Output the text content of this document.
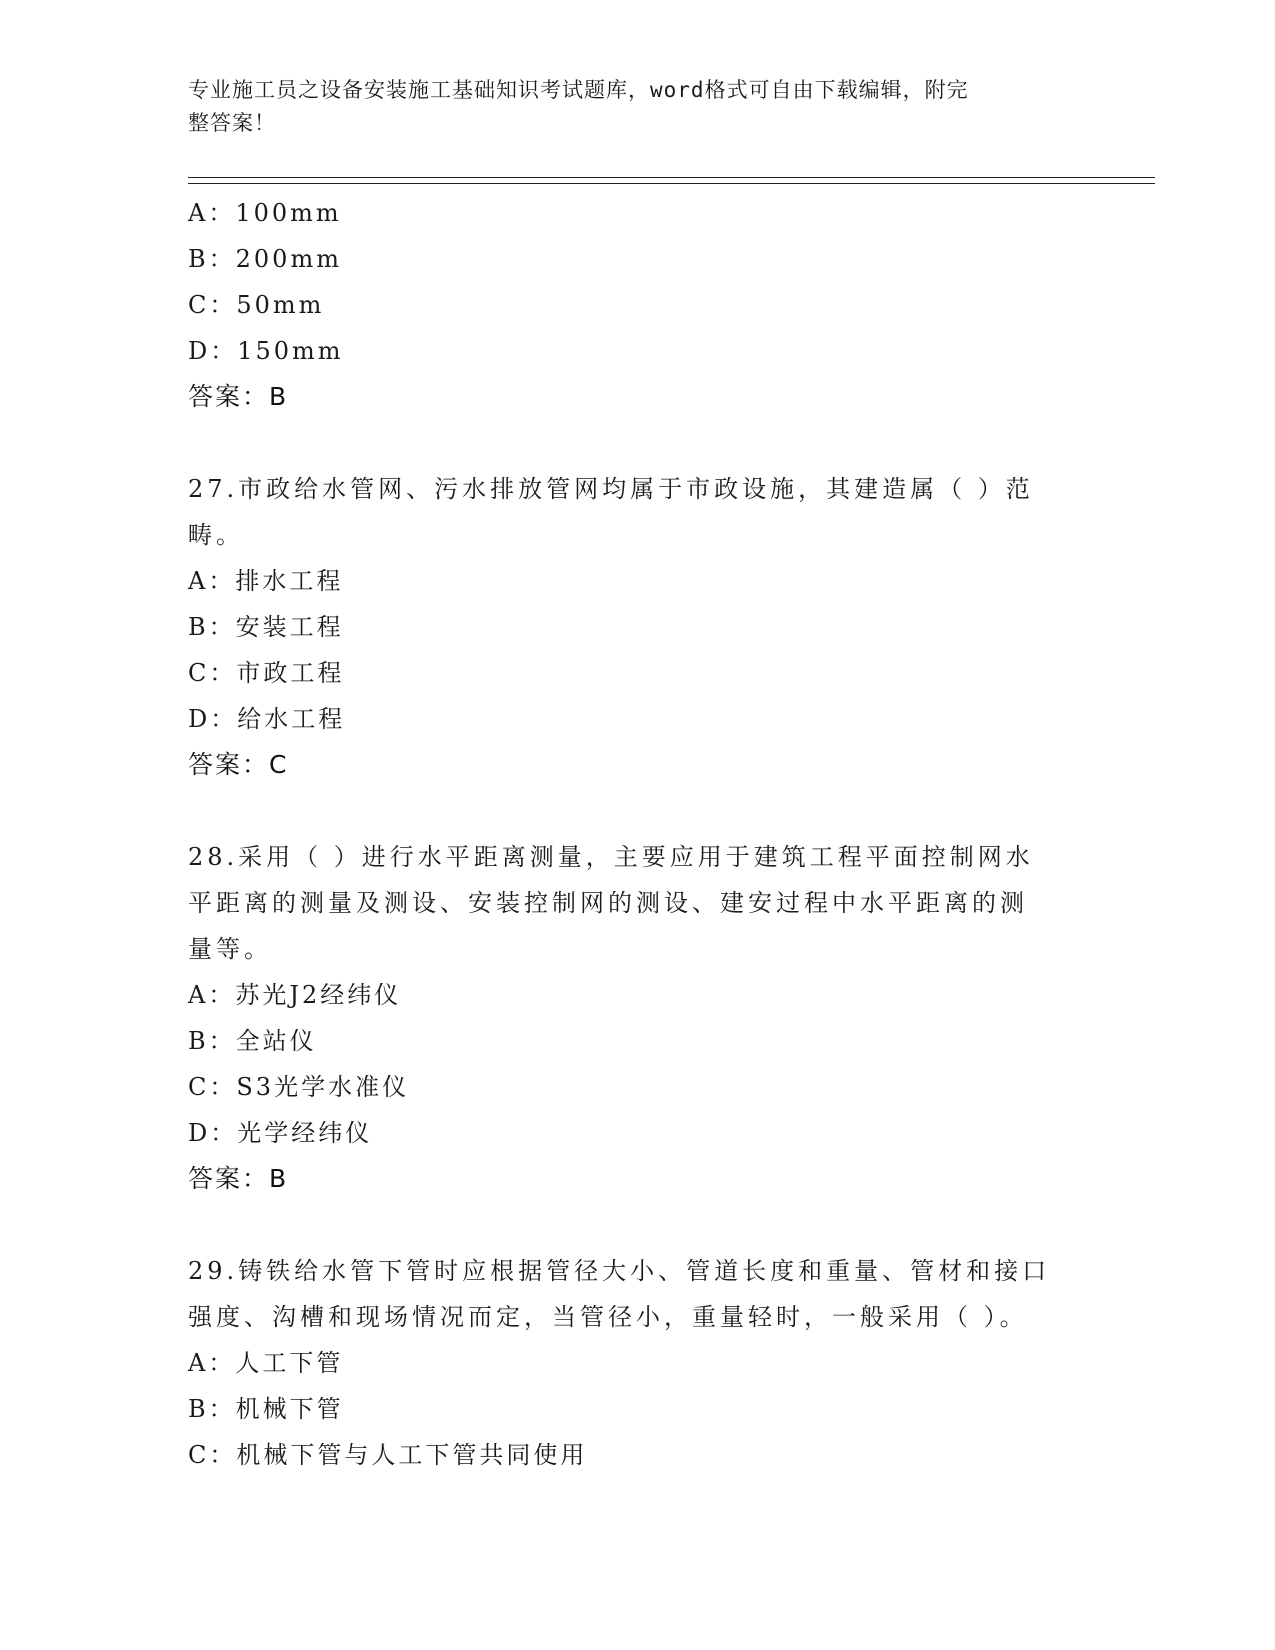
专业施工员之设备安装施工基础知识考试题库，word格式可自由下载编辑，附完
整答案！
A：100mm
B：200mm
C：50mm
D：150mm
答案：B
27.市政给水管网、污水排放管网均属于市政设施，其建造属（ ）范
畴。
A：排水工程
B：安装工程
C：市政工程
D：给水工程
答案：C
28.采用（ ）进行水平距离测量，主要应用于建筑工程平面控制网水
平距离的测量及测设、安装控制网的测设、建安过程中水平距离的测
量等。
A：苏光J2经纬仪
B：全站仪
C：S3光学水准仪
D：光学经纬仪
答案：B
29.铸铁给水管下管时应根据管径大小、管道长度和重量、管材和接口
强度、沟槽和现场情况而定，当管径小，重量轻时，一般采用（ ）。
A：人工下管
B：机械下管
C：机械下管与人工下管共同使用
